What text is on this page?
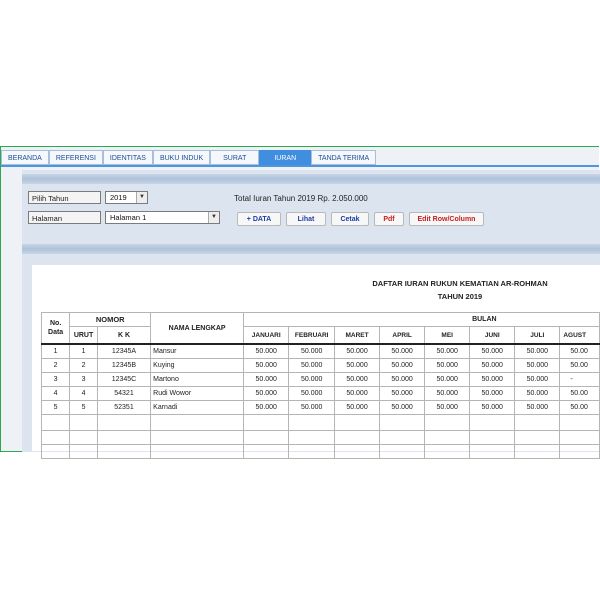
BERANDA	REFERENSI	IDENTITAS	BUKU INDUK	SURAT	IURAN	TANDA TERIMA
Pilih Tahun	2019	▼
Halaman	Halaman 1	▼
Total Iuran Tahun 2019 Rp. 2.050.000
+ DATA	Lihat	Cetak	Pdf	Edit Row/Column
DAFTAR IURAN RUKUN KEMATIAN AR-ROHMAN
TAHUN 2019
No. Data	NOMOR		NAMA LENGKAP	BULAN							
	URUT	K K		JANUARI	FEBRUARI	MARET	APRIL	MEI	JUNI	JULI	AGUST
1	1	12345A	Mansur	50.000	50.000	50.000	50.000	50.000	50.000	50.000	50.00
2	2	12345B	Kuying	50.000	50.000	50.000	50.000	50.000	50.000	50.000	50.00
3	3	12345C	Martono	50.000	50.000	50.000	50.000	50.000	50.000	50.000	-
4	4	54321	Rudi Wowor	50.000	50.000	50.000	50.000	50.000	50.000	50.000	50.00
5	5	52351	Karnadi	50.000	50.000	50.000	50.000	50.000	50.000	50.000	50.00
